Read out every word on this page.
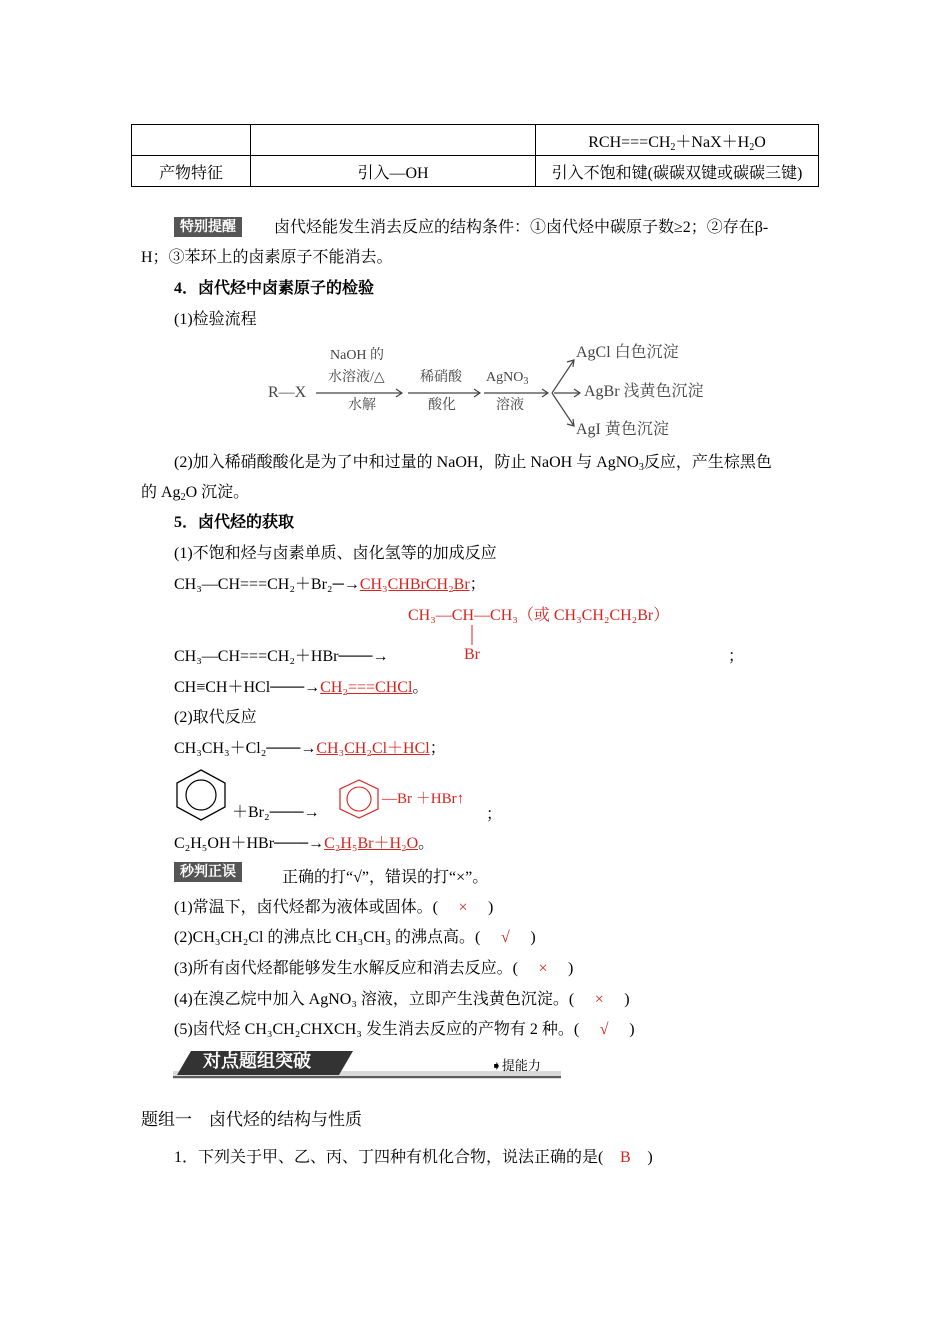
		$RCH===CH_2+NaX+H_2O$
产物特征	引入—OH	引入不饱和键(碳碳双键或碳碳三键)
特别提醒	卤代烃能发生消去反应的结构条件：①卤代烃中碳原子数≥2；②存在β-
H；③苯环上的卤素原子不能消去。
4．卤代烃中卤素原子的检验
(1)检验流程
R—X
NaOH 的
水溶液/△
水解
稀硝酸
酸化
AgNO$_3$
溶液
AgCl 白色沉淀
AgBr 浅黄色沉淀
AgI 黄色沉淀
(2)加入稀硝酸酸化是为了中和过量的 NaOH，防止 NaOH 与 AgNO$_3$反应，产生棕黑色
的 $Ag_2O$ 沉淀。
5．卤代烃的获取
(1)不饱和烃与卤素单质、卤化氢等的加成反应
CH₃—CH===CH₂＋Br₂─→CH₃CHBrCH₂Br；
CH₃—CH—CH₃（或 CH₃CH₂CH₂Br）
Br
CH₃—CH===CH₂＋HBr───→	；
CH≡CH＋HCl───→CH₂===CHCl。
(2)取代反应
CH₃CH₃＋Cl₂───→CH₃CH₂Cl＋HCl；
＋Br₂───→
—Br ＋HBr↑
；
C₂H₅OH＋HBr───→C₂H₅Br＋H₂O。
秒判正误	正确的打“√”，错误的打“×”。
(1)常温下，卤代烃都为液体或固体。( × )
(2)CH₃CH₂Cl 的沸点比 CH₃CH₃ 的沸点高。( √ )
(3)所有卤代烃都能够发生水解反应和消去反应。( × )
(4)在溴乙烷中加入 AgNO₃ 溶液，立即产生浅黄色沉淀。( × )
(5)卤代烃 CH₃CH₂CHXCH₃ 发生消去反应的产物有 2 种。( √ )
对点题组突破	➧提能力
题组一　卤代烃的结构与性质
1．下列关于甲、乙、丙、丁四种有机化合物，说法正确的是( B )
